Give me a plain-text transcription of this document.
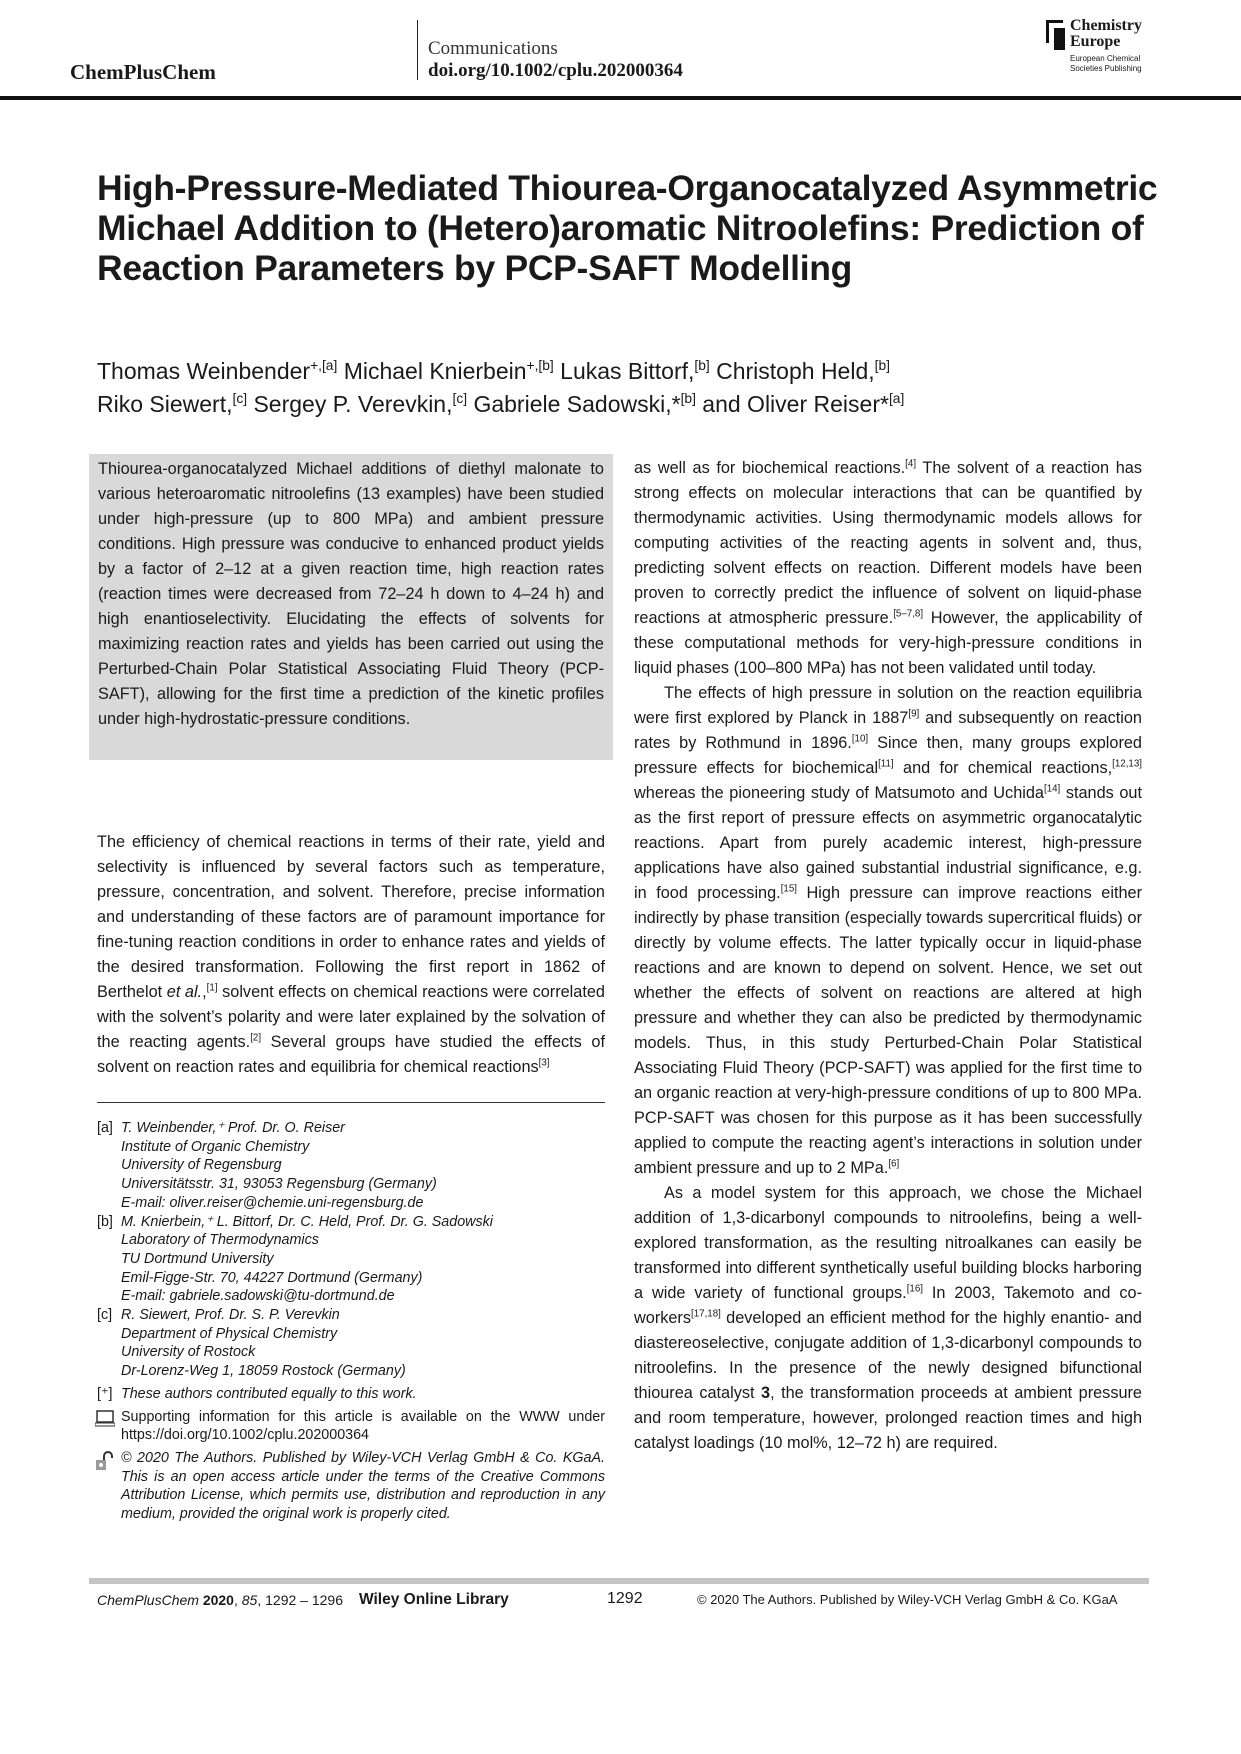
ChemPlusChem
Communications
doi.org/10.1002/cplu.202000364
Chemistry
Europe
European Chemical
Societies Publishing
High-Pressure-Mediated Thiourea-Organocatalyzed Asymmetric Michael Addition to (Hetero)aromatic Nitroolefins: Prediction of Reaction Parameters by PCP-SAFT Modelling
Thomas Weinbender$^{+,[a]}$ Michael Knierbein$^{+,[b]}$ Lukas Bittorf,[b] Christoph Held,[b]
Riko Siewert,[c] Sergey P. Verevkin,[c] Gabriele Sadowski,*[b] and Oliver Reiser*[a]

Thiourea-organocatalyzed Michael additions of diethyl malonate to various heteroaromatic nitroolefins (13 examples) have been studied under high-pressure (up to 800 MPa) and ambient pressure conditions. High pressure was conducive to enhanced product yields by a factor of 2–12 at a given reaction time, high reaction rates (reaction times were decreased from 72–24 h down to 4–24 h) and high enantioselectivity. Elucidating the effects of solvents for maximizing reaction rates and yields has been carried out using the Perturbed-Chain Polar Statistical Associating Fluid Theory (PCP-SAFT), allowing for the first time a prediction of the kinetic profiles under high-hydrostatic-pressure conditions.

The efficiency of chemical reactions in terms of their rate, yield and selectivity is influenced by several factors such as temperature, pressure, concentration, and solvent. Therefore, precise information and understanding of these factors are of paramount importance for fine-tuning reaction conditions in order to enhance rates and yields of the desired transformation. Following the first report in 1862 of Berthelot et al.,[1] solvent effects on chemical reactions were correlated with the solvent’s polarity and were later explained by the solvation of the reacting agents.[2] Several groups have studied the effects of solvent on reaction rates and equilibria for chemical reactions[3]

[a] T. Weinbender,⁺ Prof. Dr. O. Reiser
Institute of Organic Chemistry
University of Regensburg
Universitätsstr. 31, 93053 Regensburg (Germany)
E-mail: oliver.reiser@chemie.uni-regensburg.de
[b] M. Knierbein,⁺ L. Bittorf, Dr. C. Held, Prof. Dr. G. Sadowski
Laboratory of Thermodynamics
TU Dortmund University
Emil-Figge-Str. 70, 44227 Dortmund (Germany)
E-mail: gabriele.sadowski@tu-dortmund.de
[c] R. Siewert, Prof. Dr. S. P. Verevkin
Department of Physical Chemistry
University of Rostock
Dr-Lorenz-Weg 1, 18059 Rostock (Germany)
[⁺] These authors contributed equally to this work.
Supporting information for this article is available on the WWW under https://doi.org/10.1002/cplu.202000364
© 2020 The Authors. Published by Wiley-VCH Verlag GmbH & Co. KGaA. This is an open access article under the terms of the Creative Commons Attribution License, which permits use, distribution and reproduction in any medium, provided the original work is properly cited.

as well as for biochemical reactions.[4] The solvent of a reaction has strong effects on molecular interactions that can be quantified by thermodynamic activities. Using thermodynamic models allows for computing activities of the reacting agents in solvent and, thus, predicting solvent effects on reaction. Different models have been proven to correctly predict the influence of solvent on liquid-phase reactions at atmospheric pressure.[5–7,8] However, the applicability of these computational methods for very-high-pressure conditions in liquid phases (100–800 MPa) has not been validated until today.

The effects of high pressure in solution on the reaction equilibria were first explored by Planck in 1887[9] and subsequently on reaction rates by Rothmund in 1896.[10] Since then, many groups explored pressure effects for biochemical[11] and for chemical reactions,[12,13] whereas the pioneering study of Matsumoto and Uchida[14] stands out as the first report of pressure effects on asymmetric organocatalytic reactions. Apart from purely academic interest, high-pressure applications have also gained substantial industrial significance, e.g. in food processing.[15] High pressure can improve reactions either indirectly by phase transition (especially towards supercritical fluids) or directly by volume effects. The latter typically occur in liquid-phase reactions and are known to depend on solvent. Hence, we set out whether the effects of solvent on reactions are altered at high pressure and whether they can also be predicted by thermodynamic models. Thus, in this study Perturbed-Chain Polar Statistical Associating Fluid Theory (PCP-SAFT) was applied for the first time to an organic reaction at very-high-pressure conditions of up to 800 MPa. PCP-SAFT was chosen for this purpose as it has been successfully applied to compute the reacting agent’s interactions in solution under ambient pressure and up to 2 MPa.[6]

As a model system for this approach, we chose the Michael addition of 1,3-dicarbonyl compounds to nitroolefins, being a well-explored transformation, as the resulting nitroalkanes can easily be transformed into different synthetically useful building blocks harboring a wide variety of functional groups.[16] In 2003, Takemoto and co-workers[17,18] developed an efficient method for the highly enantio- and diastereoselective, conjugate addition of 1,3-dicarbonyl compounds to nitroolefins. In the presence of the newly designed bifunctional thiourea catalyst 3, the transformation proceeds at ambient pressure and room temperature, however, prolonged reaction times and high catalyst loadings (10 mol%, 12–72 h) are required.

ChemPlusChem 2020, 85, 1292 – 1296 Wiley Online Library	1292	© 2020 The Authors. Published by Wiley-VCH Verlag GmbH & Co. KGaA
